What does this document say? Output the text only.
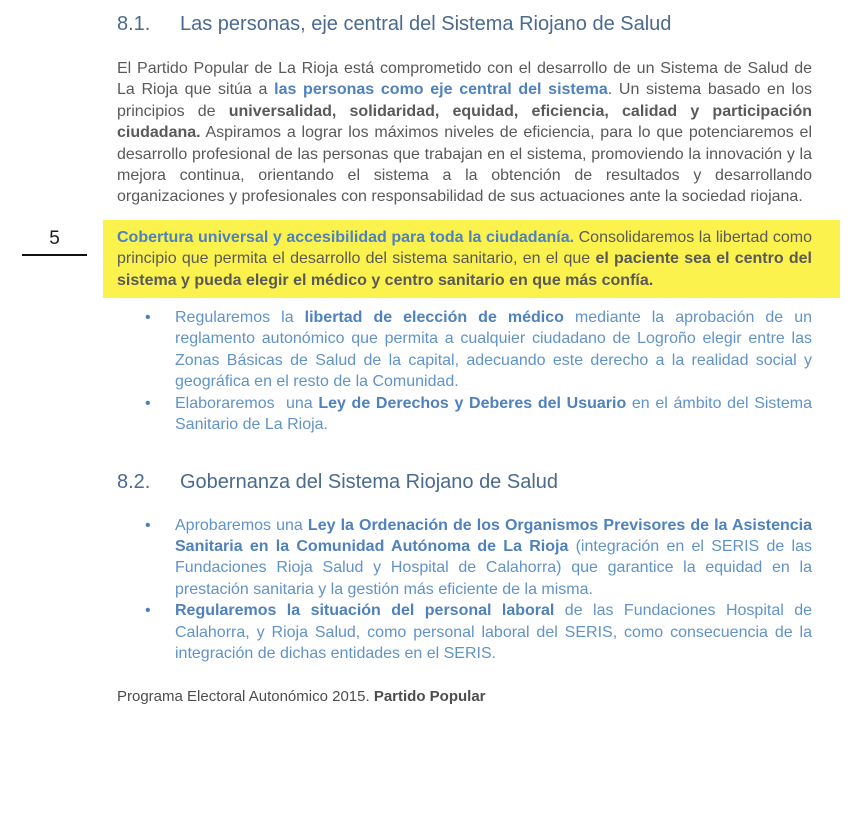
5
8.1.	Las personas, eje central del Sistema Riojano de Salud

El Partido Popular de La Rioja está comprometido con el desarrollo de un Sistema de Salud de La Rioja que sitúa a las personas como eje central del sistema. Un sistema basado en los principios de universalidad, solidaridad, equidad, eficiencia, calidad y participación ciudadana. Aspiramos a lograr los máximos niveles de eficiencia, para lo que potenciaremos el desarrollo profesional de las personas que trabajan en el sistema, promoviendo la innovación y la mejora continua, orientando el sistema a la obtención de resultados y desarrollando organizaciones y profesionales con responsabilidad de sus actuaciones ante la sociedad riojana.

Cobertura universal y accesibilidad para toda la ciudadanía. Consolidaremos la libertad como principio que permita el desarrollo del sistema sanitario, en el que el paciente sea el centro del sistema y pueda elegir el médico y centro sanitario en que más confía.
•	Regularemos la libertad de elección de médico mediante la aprobación de un reglamento autonómico que permita a cualquier ciudadano de Logroño elegir entre las Zonas Básicas de Salud de la capital, adecuando este derecho a la realidad social y geográfica en el resto de la Comunidad.
•	Elaboraremos  una Ley de Derechos y Deberes del Usuario en el ámbito del Sistema Sanitario de La Rioja.
8.2.	Gobernanza del Sistema Riojano de Salud
•	Aprobaremos una Ley la Ordenación de los Organismos Previsores de la Asistencia Sanitaria en la Comunidad Autónoma de La Rioja (integración en el SERIS de las Fundaciones Rioja Salud y Hospital de Calahorra) que garantice la equidad en la prestación sanitaria y la gestión más eficiente de la misma.
•	Regularemos la situación del personal laboral de las Fundaciones Hospital de Calahorra, y Rioja Salud, como personal laboral del SERIS, como consecuencia de la integración de dichas entidades en el SERIS.
Programa Electoral Autonómico 2015. Partido Popular
